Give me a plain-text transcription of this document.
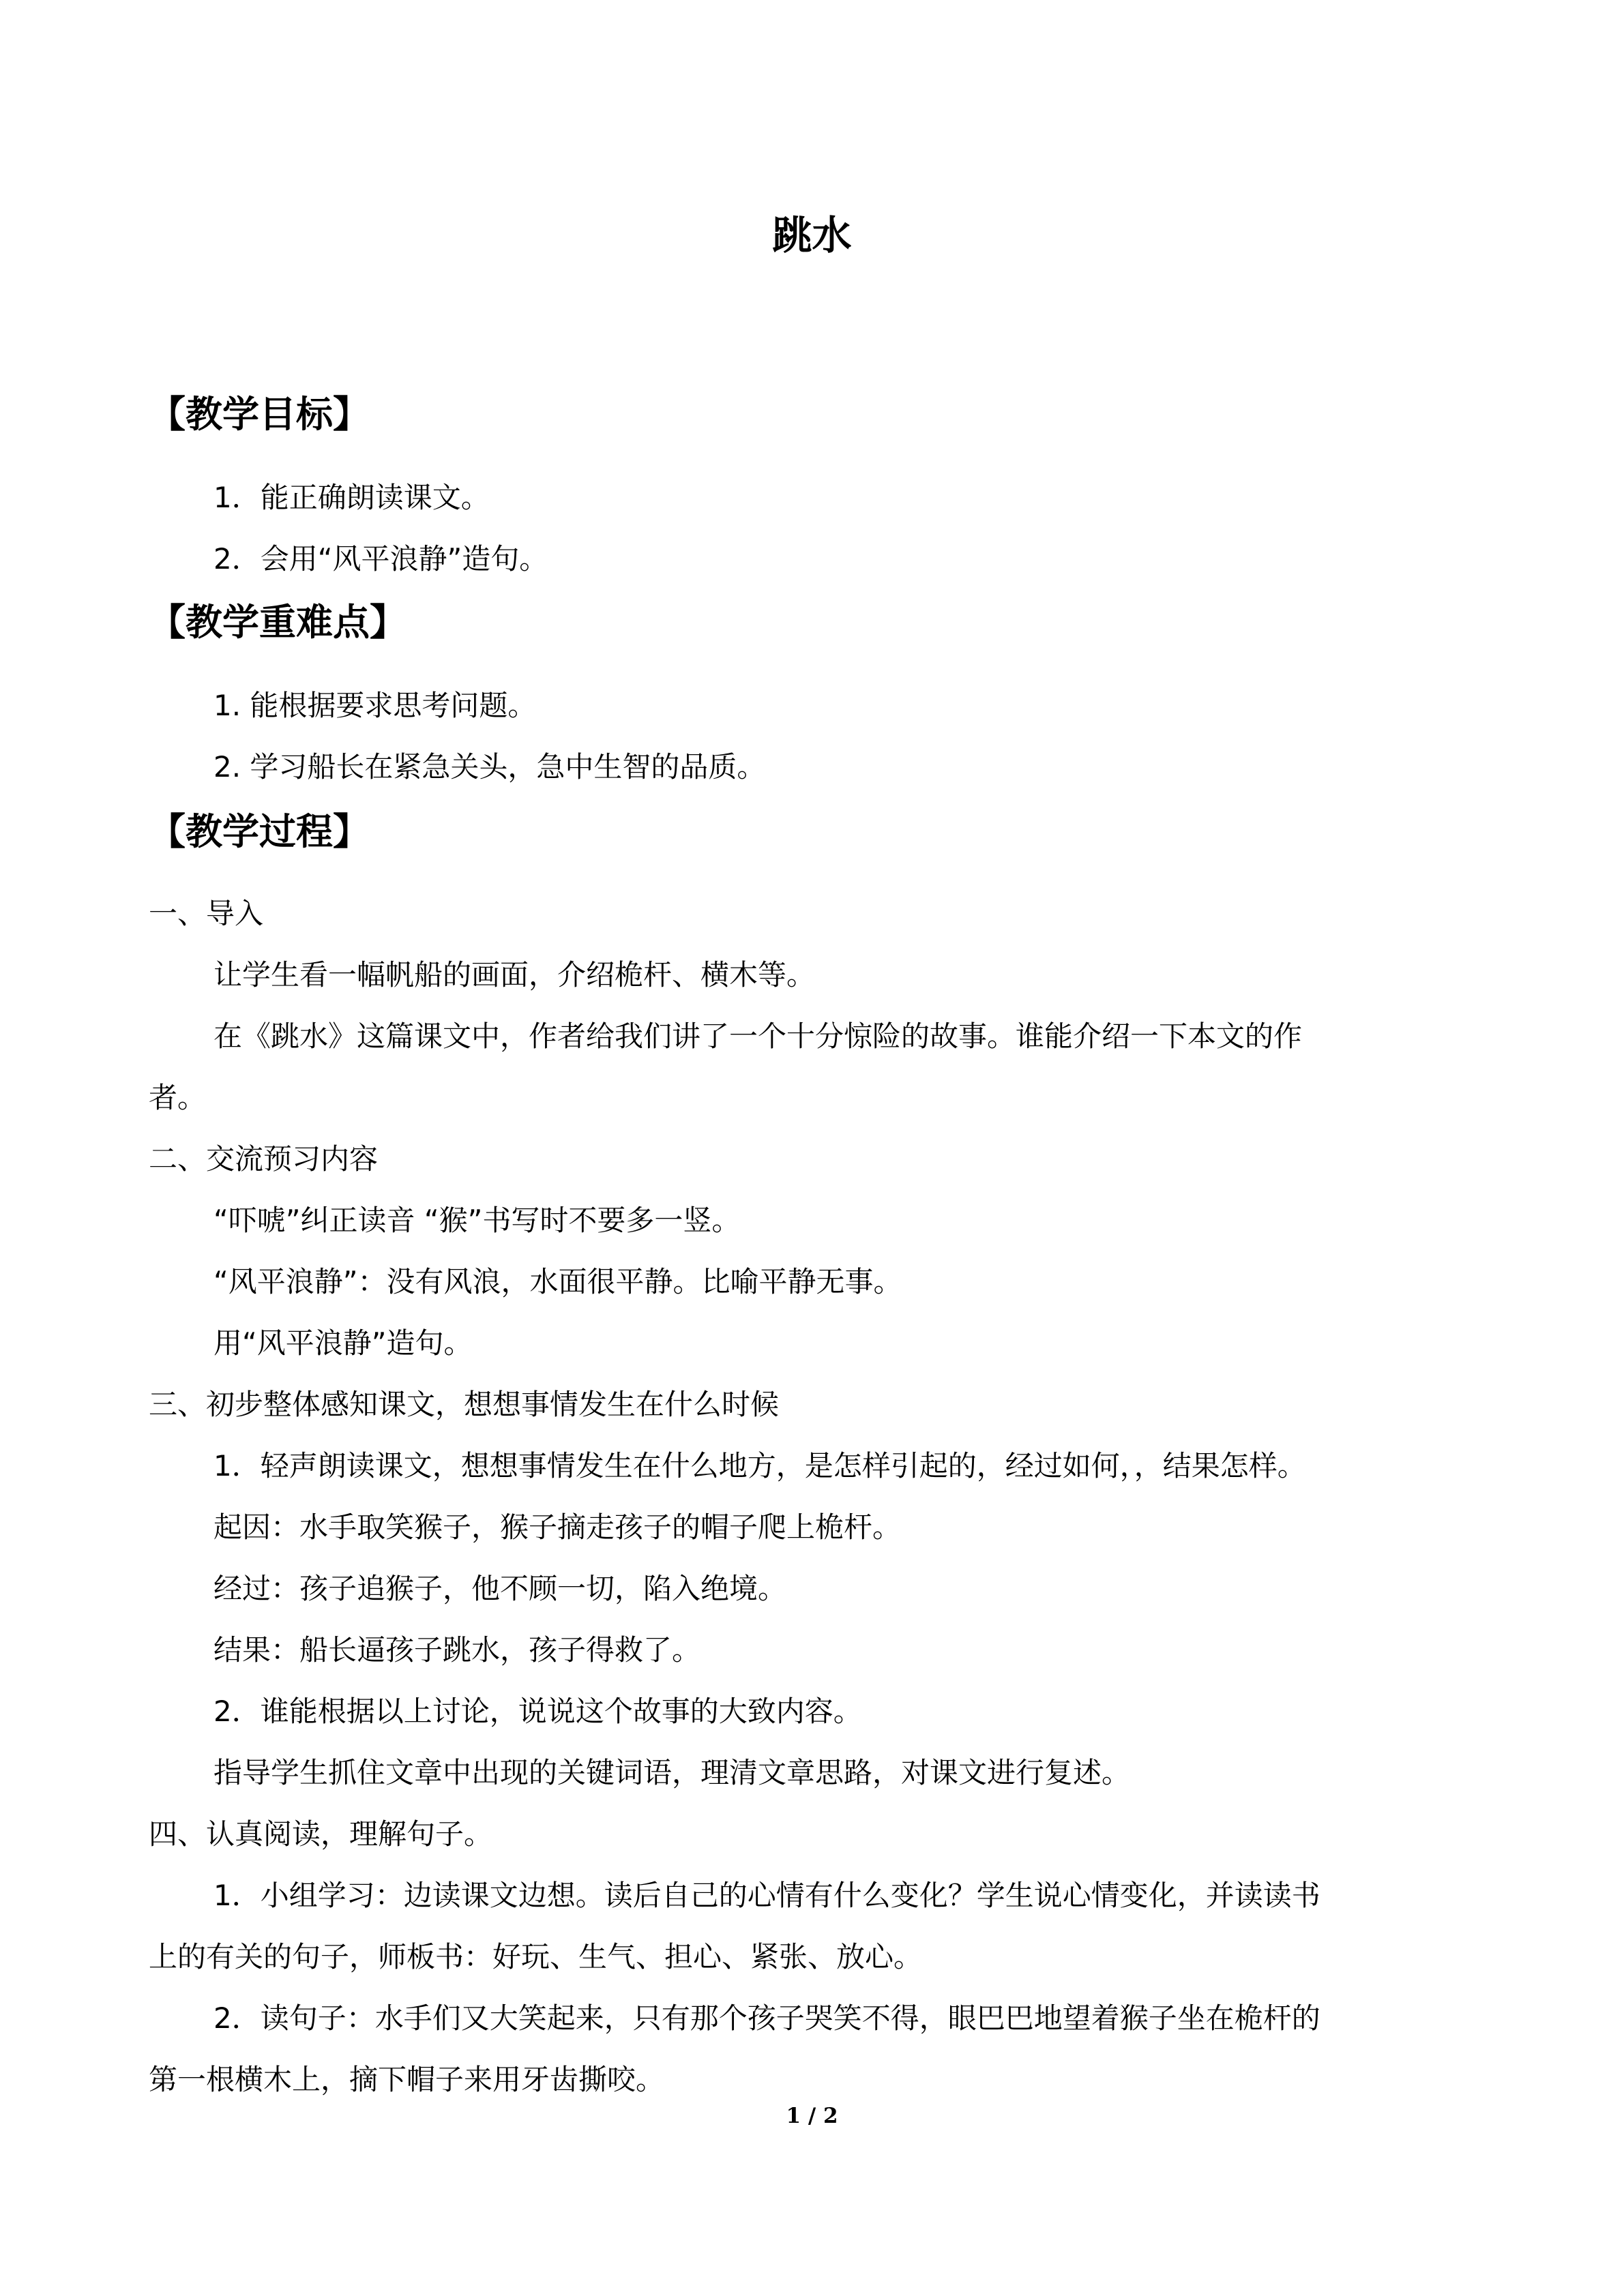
跳水
【教学目标】
1．能正确朗读课文。
2．会用“风平浪静”造句。
【教学重难点】
1. 能根据要求思考问题。
2. 学习船长在紧急关头，急中生智的品质。
【教学过程】
一、导入
让学生看一幅帆船的画面，介绍桅杆、横木等。
在《跳水》这篇课文中，作者给我们讲了一个十分惊险的故事。谁能介绍一下本文的作
者。
二、交流预习内容
“吓唬”纠正读音 “猴”书写时不要多一竖。
“风平浪静”：没有风浪，水面很平静。比喻平静无事。
用“风平浪静”造句。
三、初步整体感知课文，想想事情发生在什么时候
1．轻声朗读课文，想想事情发生在什么地方，是怎样引起的，经过如何，，结果怎样。
起因：水手取笑猴子，猴子摘走孩子的帽子爬上桅杆。
经过：孩子追猴子，他不顾一切，陷入绝境。
结果：船长逼孩子跳水，孩子得救了。
2．谁能根据以上讨论，说说这个故事的大致内容。
指导学生抓住文章中出现的关键词语，理清文章思路，对课文进行复述。
四、认真阅读，理解句子。
1．小组学习：边读课文边想。读后自己的心情有什么变化？学生说心情变化，并读读书
上的有关的句子，师板书：好玩、生气、担心、紧张、放心。
2．读句子：水手们又大笑起来，只有那个孩子哭笑不得，眼巴巴地望着猴子坐在桅杆的
第一根横木上，摘下帽子来用牙齿撕咬。
1 / 2
